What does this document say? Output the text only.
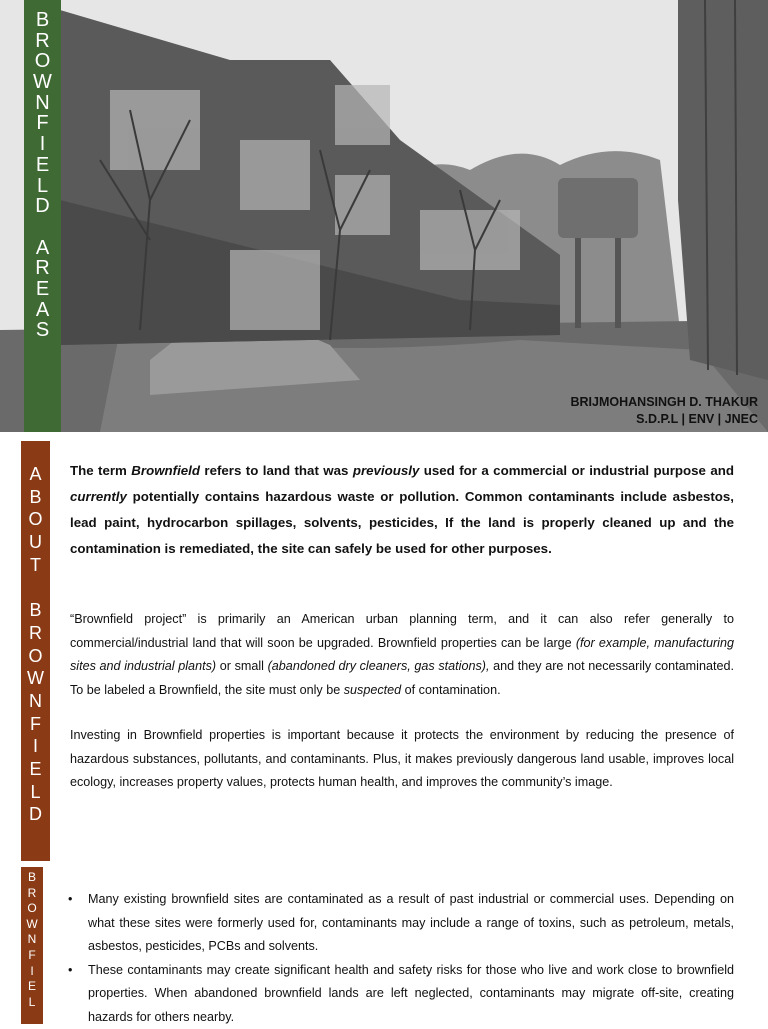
B
R
O
W
N
F
I
E
L
D

A
R
E
A
S
BRIJMOHANSINGH D. THAKUR
S.D.P.L | ENV | JNEC
A
B
O
U
T

B
R
O
W
N
F
I
E
L
D
B
R
O
W
N
F
I
E
L
The term Brownfield refers to land that was previously used for a commercial or industrial purpose and currently potentially contains hazardous waste or pollution. Common contaminants include asbestos, lead paint, hydrocarbon spillages, solvents, pesticides, If the land is properly cleaned up and the contamination is remediated, the site can safely be used for other purposes.
“Brownfield project” is primarily an American urban planning term, and it can also refer generally to commercial/industrial land that will soon be upgraded. Brownfield properties can be large (for example, manufacturing sites and industrial plants) or small (abandoned dry cleaners, gas stations), and they are not necessarily contaminated. To be labeled a Brownfield, the site must only be suspected of contamination.
Investing in Brownfield properties is important because it protects the environment by reducing the presence of hazardous substances, pollutants, and contaminants. Plus, it makes previously dangerous land usable, improves local ecology, increases property values, protects human health, and improves the community’s image.
• Many existing brownfield sites are contaminated as a result of past industrial or commercial uses. Depending on what these sites were formerly used for, contaminants may include a range of toxins, such as petroleum, metals, asbestos, pesticides, PCBs and solvents.
• These contaminants may create significant health and safety risks for those who live and work close to brownfield properties. When abandoned brownfield lands are left neglected, contaminants may migrate off-site, creating hazards for others nearby.
